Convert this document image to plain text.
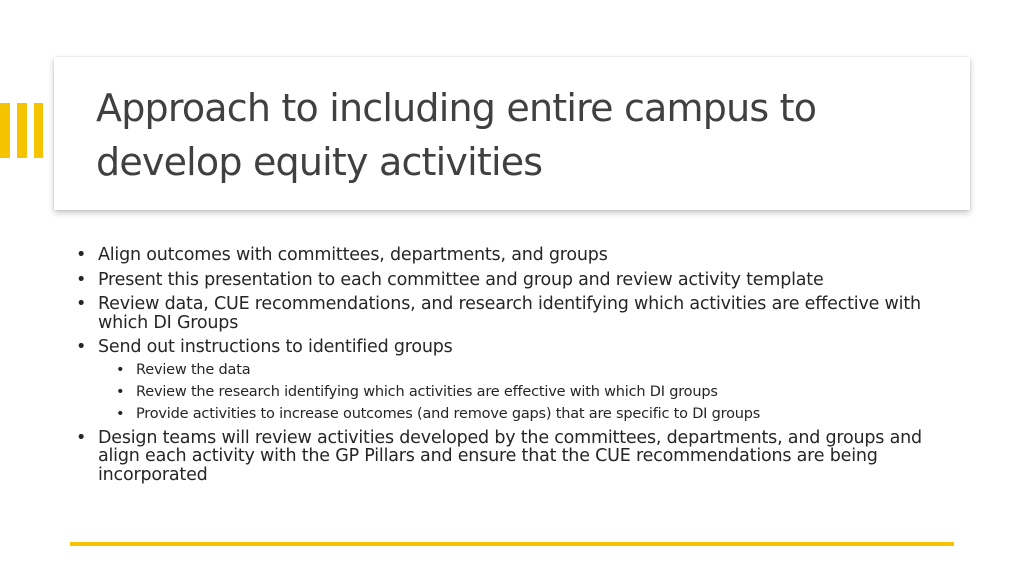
Approach to including entire campus to develop equity activities
• Align outcomes with committees, departments, and groups
• Present this presentation to each committee and group and review activity template
• Review data, CUE recommendations, and research identifying which activities are effective with which DI Groups
• Send out instructions to identified groups
• Review the data
• Review the research identifying which activities are effective with which DI groups
• Provide activities to increase outcomes (and remove gaps) that are specific to DI groups
• Design teams will review activities developed by the committees, departments, and groups and align each activity with the GP Pillars and ensure that the CUE recommendations are being incorporated
